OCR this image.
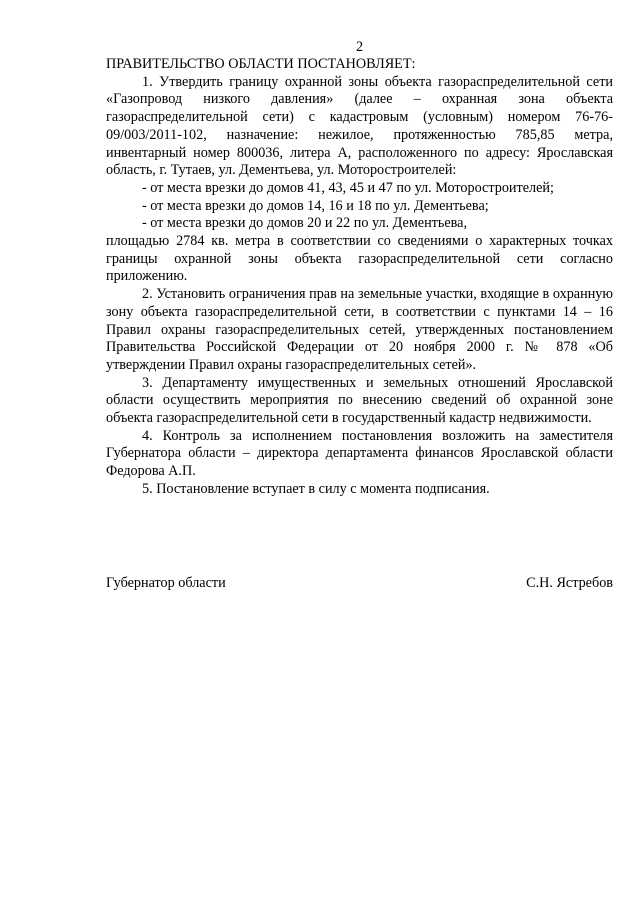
2

ПРАВИТЕЛЬСТВО ОБЛАСТИ ПОСТАНОВЛЯЕТ:

1. Утвердить границу охранной зоны объекта газораспределительной сети «Газопровод низкого давления» (далее – охранная зона объекта газораспределительной сети) с кадастровым (условным) номером 76-76-09/003/2011-102, назначение: нежилое, протяженностью 785,85 метра, инвентарный номер 800036, литера А, расположенного по адресу: Ярославская область, г. Тутаев, ул. Дементьева, ул. Моторостроителей:

- от места врезки до домов 41, 43, 45 и 47 по ул. Моторостроителей;

- от места врезки до домов 14, 16 и 18 по ул. Дементьева;

- от места врезки до домов 20 и 22 по ул. Дементьева,

площадью 2784 кв. метра в соответствии со сведениями о характерных точках границы охранной зоны объекта газораспределительной сети согласно приложению.

2. Установить ограничения прав на земельные участки, входящие в охранную зону объекта газораспределительной сети, в соответствии с пунктами 14 – 16 Правил охраны газораспределительных сетей, утвержденных постановлением Правительства Российской Федерации от 20 ноября 2000 г. № 878 «Об утверждении Правил охраны газораспределительных сетей».

3. Департаменту имущественных и земельных отношений Ярославской области осуществить мероприятия по внесению сведений об охранной зоне объекта газораспределительной сети в государственный кадастр недвижимости.

4. Контроль за исполнением постановления возложить на заместителя Губернатора области – директора департамента финансов Ярославской области Федорова А.П.

5. Постановление вступает в силу с момента подписания.

Губернатор области	С.Н. Ястребов
